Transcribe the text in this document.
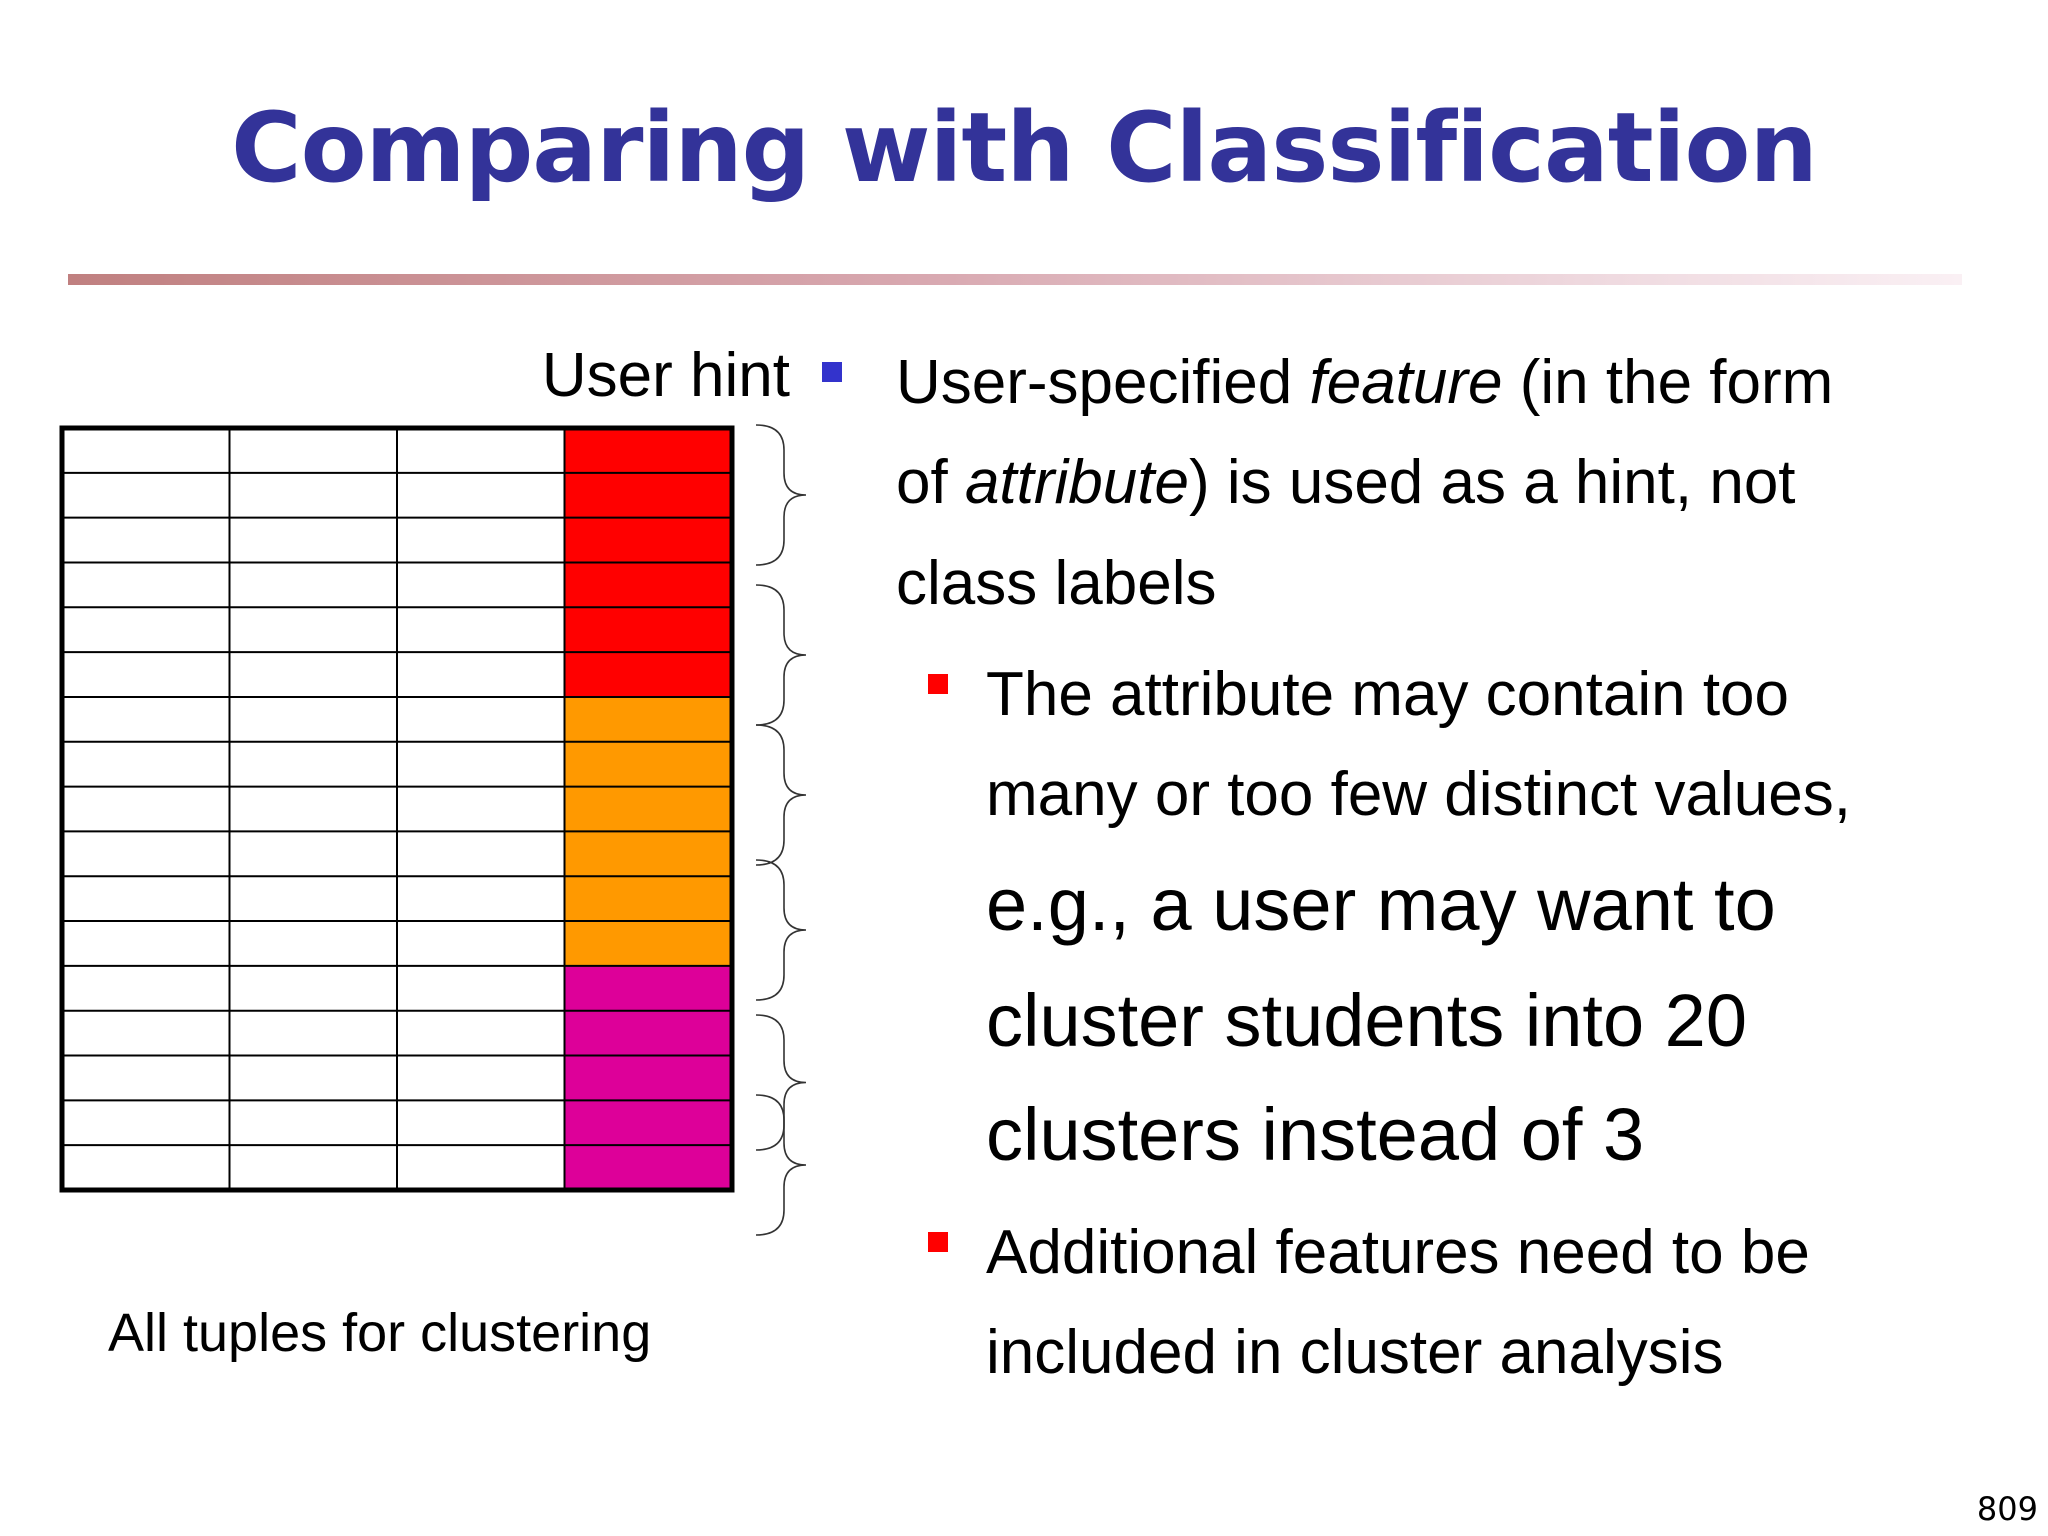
Comparing with Classification
User hint
All tuples for clustering
User-specified feature (in the form
of attribute) is used as a hint, not
class labels
The attribute may contain too
many or too few distinct values,
e.g., a user may want to
cluster students into 20
clusters instead of 3
Additional features need to be
included in cluster analysis
809
